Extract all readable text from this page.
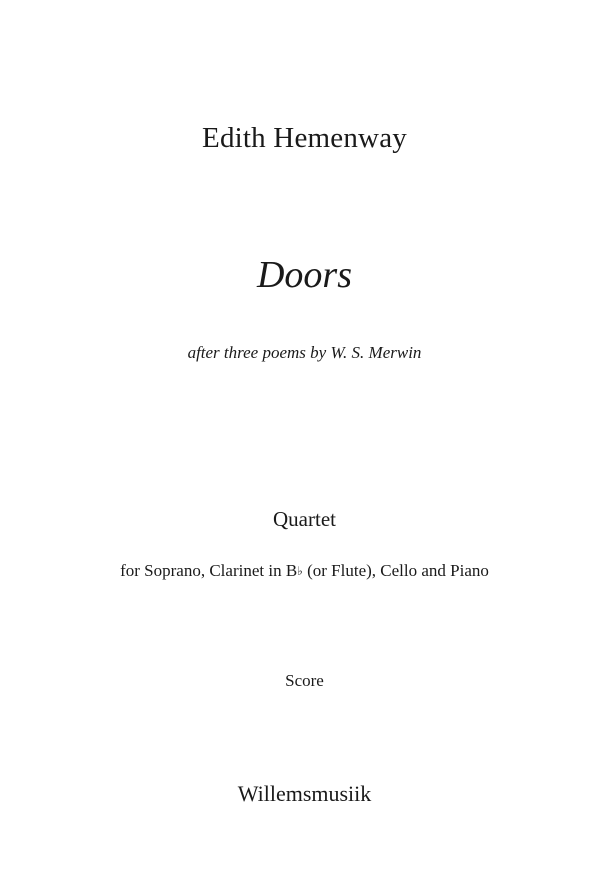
Edith Hemenway
Doors
after three poems by W. S. Merwin
Quartet
for Soprano, Clarinet in B♭ (or Flute), Cello and Piano
Score
Willemsmusiik
